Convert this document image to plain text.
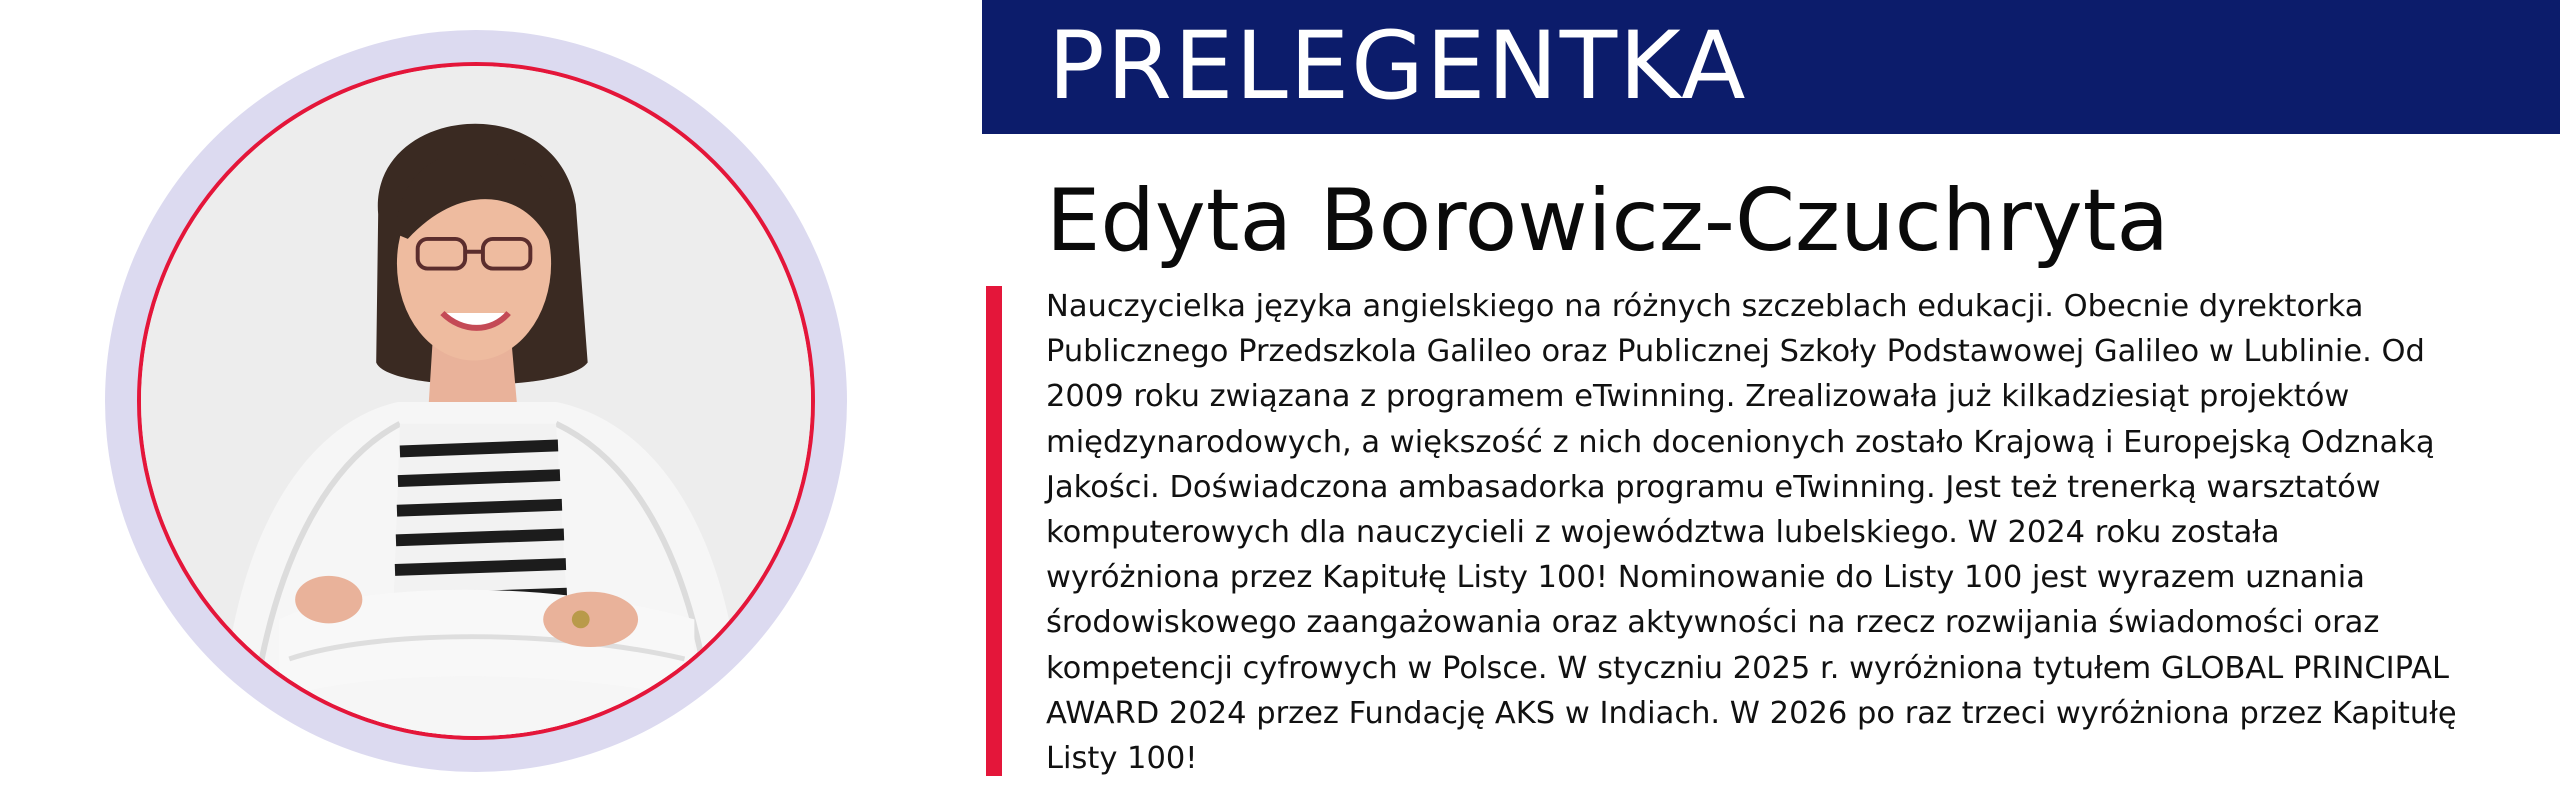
PRELEGENTKA
Edyta Borowicz-Czuchryta

Nauczycielka języka angielskiego na różnych szczeblach edukacji. Obecnie dyrektorka
Publicznego Przedszkola Galileo oraz Publicznej Szkoły Podstawowej Galileo w Lublinie. Od
2009 roku związana z programem eTwinning. Zrealizowała już kilkadziesiąt projektów
międzynarodowych, a większość z nich docenionych zostało Krajową i Europejską Odznaką
Jakości. Doświadczona ambasadorka programu eTwinning. Jest też trenerką warsztatów
komputerowych dla nauczycieli z województwa lubelskiego. W 2024 roku została
wyróżniona przez Kapitułę Listy 100! Nominowanie do Listy 100 jest wyrazem uznania
środowiskowego zaangażowania oraz aktywności na rzecz rozwijania świadomości oraz
kompetencji cyfrowych w Polsce. W styczniu 2025 r. wyróżniona tytułem GLOBAL PRINCIPAL
AWARD 2024 przez Fundację AKS w Indiach. W 2026 po raz trzeci wyróżniona przez Kapitułę
Listy 100!
